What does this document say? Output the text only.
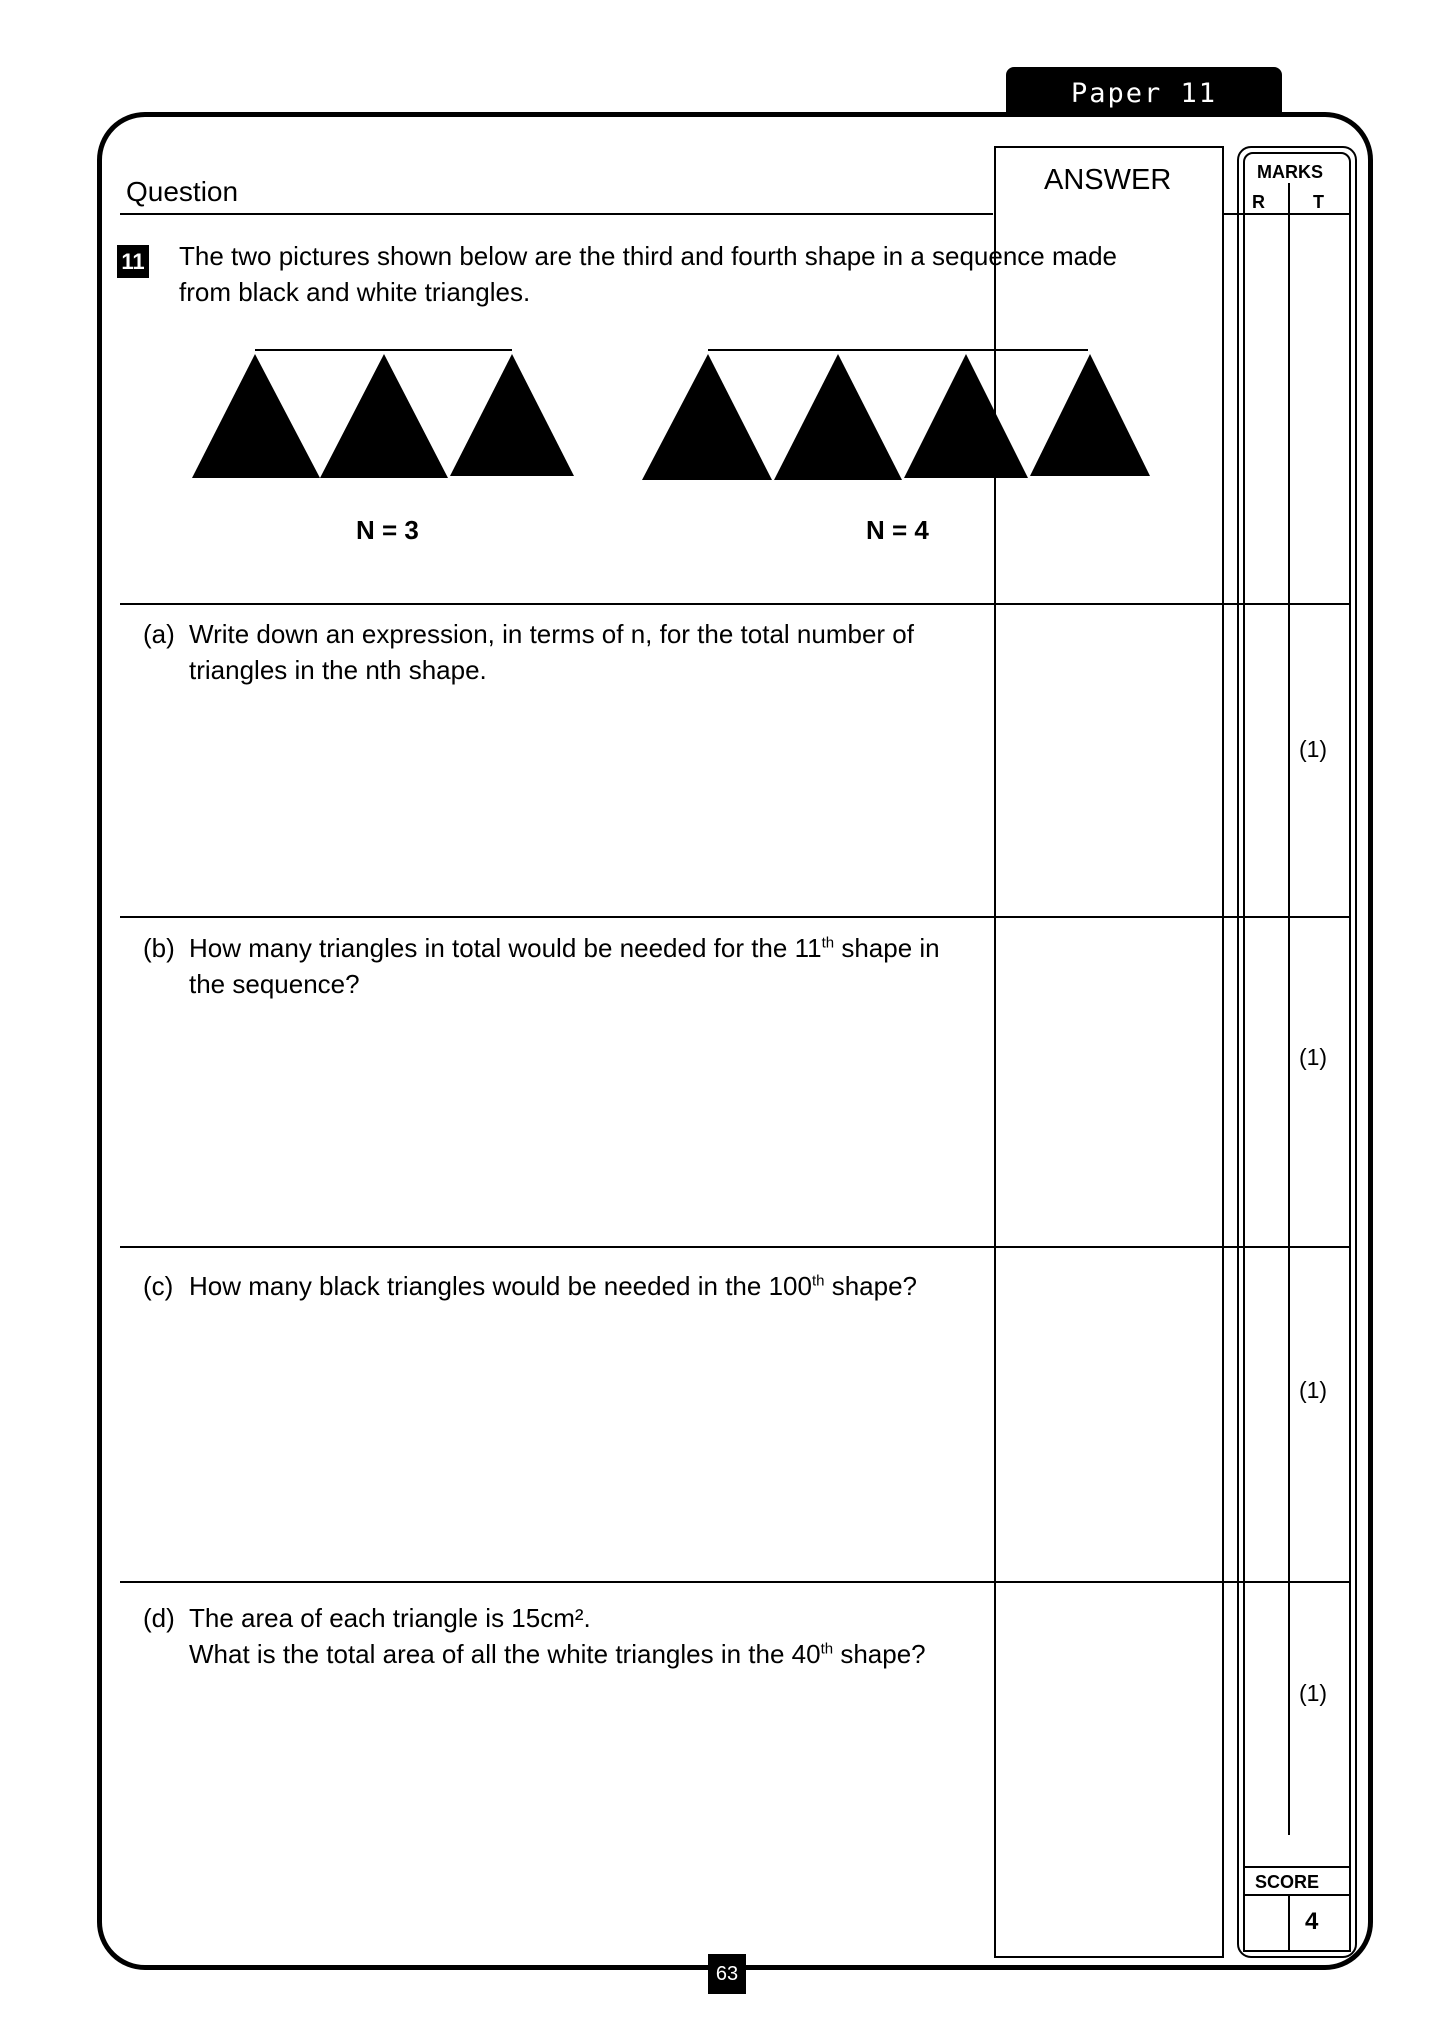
Paper 11
Question	ANSWER	MARKS
R	T
11 The two pictures shown below are the third and fourth shape in a sequence made
from black and white triangles.
N = 3	N = 4
(a) Write down an expression, in terms of n, for the total number of
triangles in the nth shape.
(1)
(b) How many triangles in total would be needed for the 11th shape in
the sequence?
(1)
(c) How many black triangles would be needed in the 100th shape?
(1)
(d) The area of each triangle is 15cm².
What is the total area of all the white triangles in the 40th shape?
(1)
SCORE
4
63
